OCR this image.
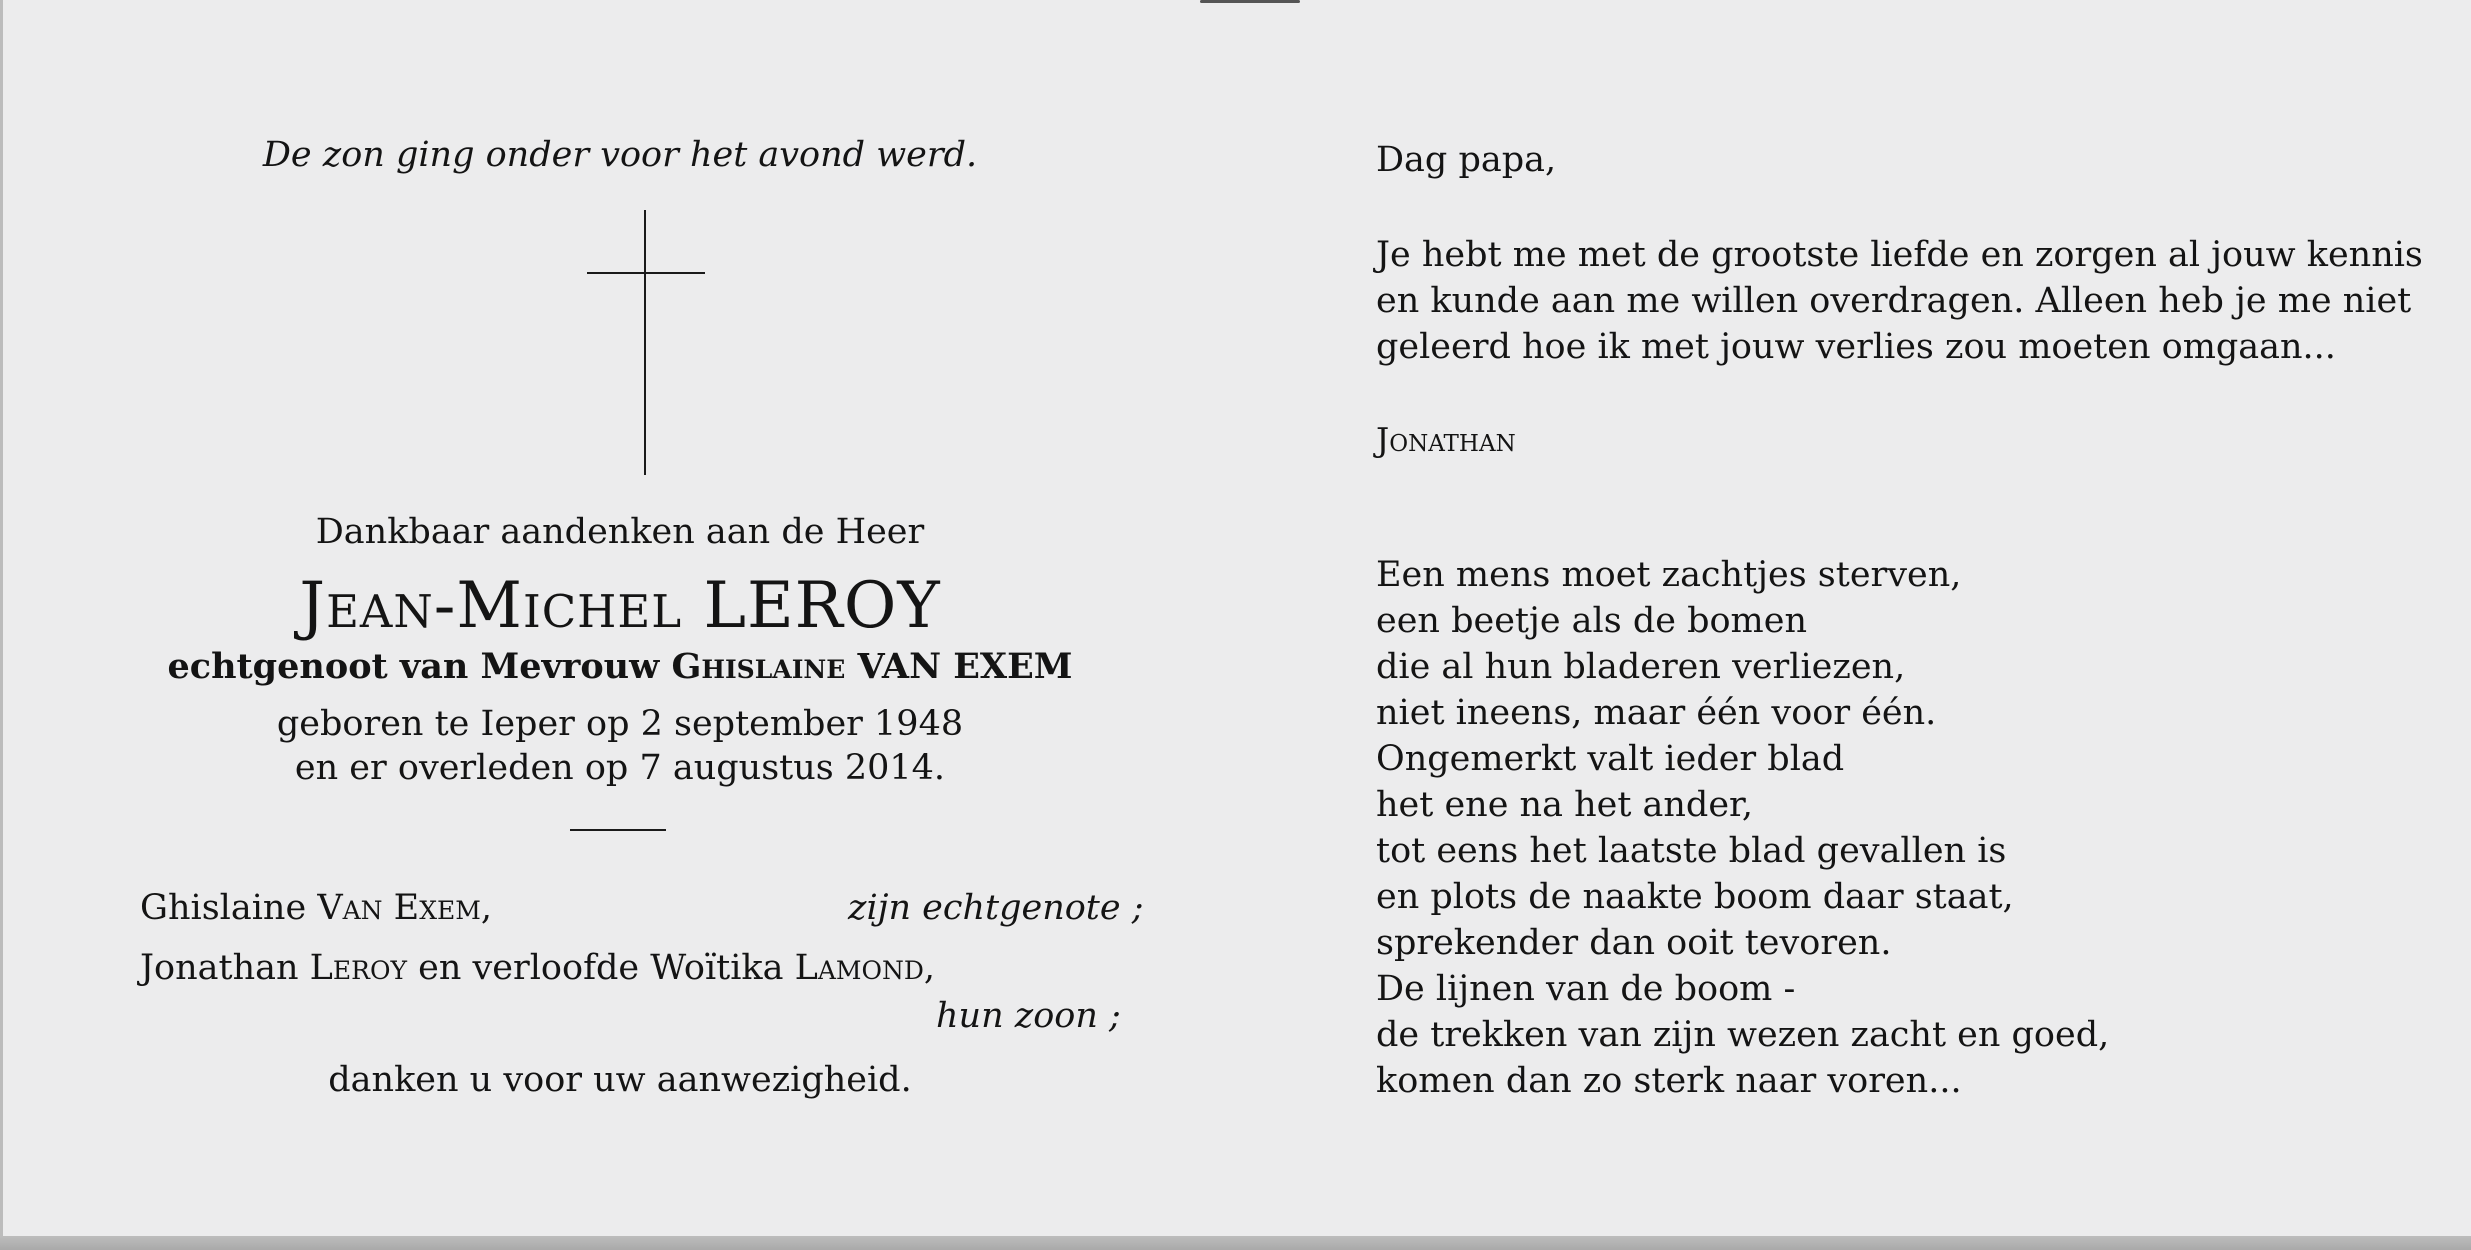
De zon ging onder voor het avond werd.
Dankbaar aandenken aan de Heer
Jean-Michel LEROY
echtgenoot van Mevrouw Ghislaine VAN EXEM
geboren te Ieper op 2 september 1948
en er overleden op 7 augustus 2014.
Ghislaine Van Exem,	zijn echtgenote ;
Jonathan Leroy en verloofde Woïtika Lamond,
hun zoon ;
danken u voor uw aanwezigheid.
Dag papa,
Je hebt me met de grootste liefde en zorgen al jouw kennis
en kunde aan me willen overdragen. Alleen heb je me niet
geleerd hoe ik met jouw verlies zou moeten omgaan...
Jonathan
Een mens moet zachtjes sterven,
een beetje als de bomen
die al hun bladeren verliezen,
niet ineens, maar één voor één.
Ongemerkt valt ieder blad
het ene na het ander,
tot eens het laatste blad gevallen is
en plots de naakte boom daar staat,
sprekender dan ooit tevoren.
De lijnen van de boom -
de trekken van zijn wezen zacht en goed,
komen dan zo sterk naar voren...
